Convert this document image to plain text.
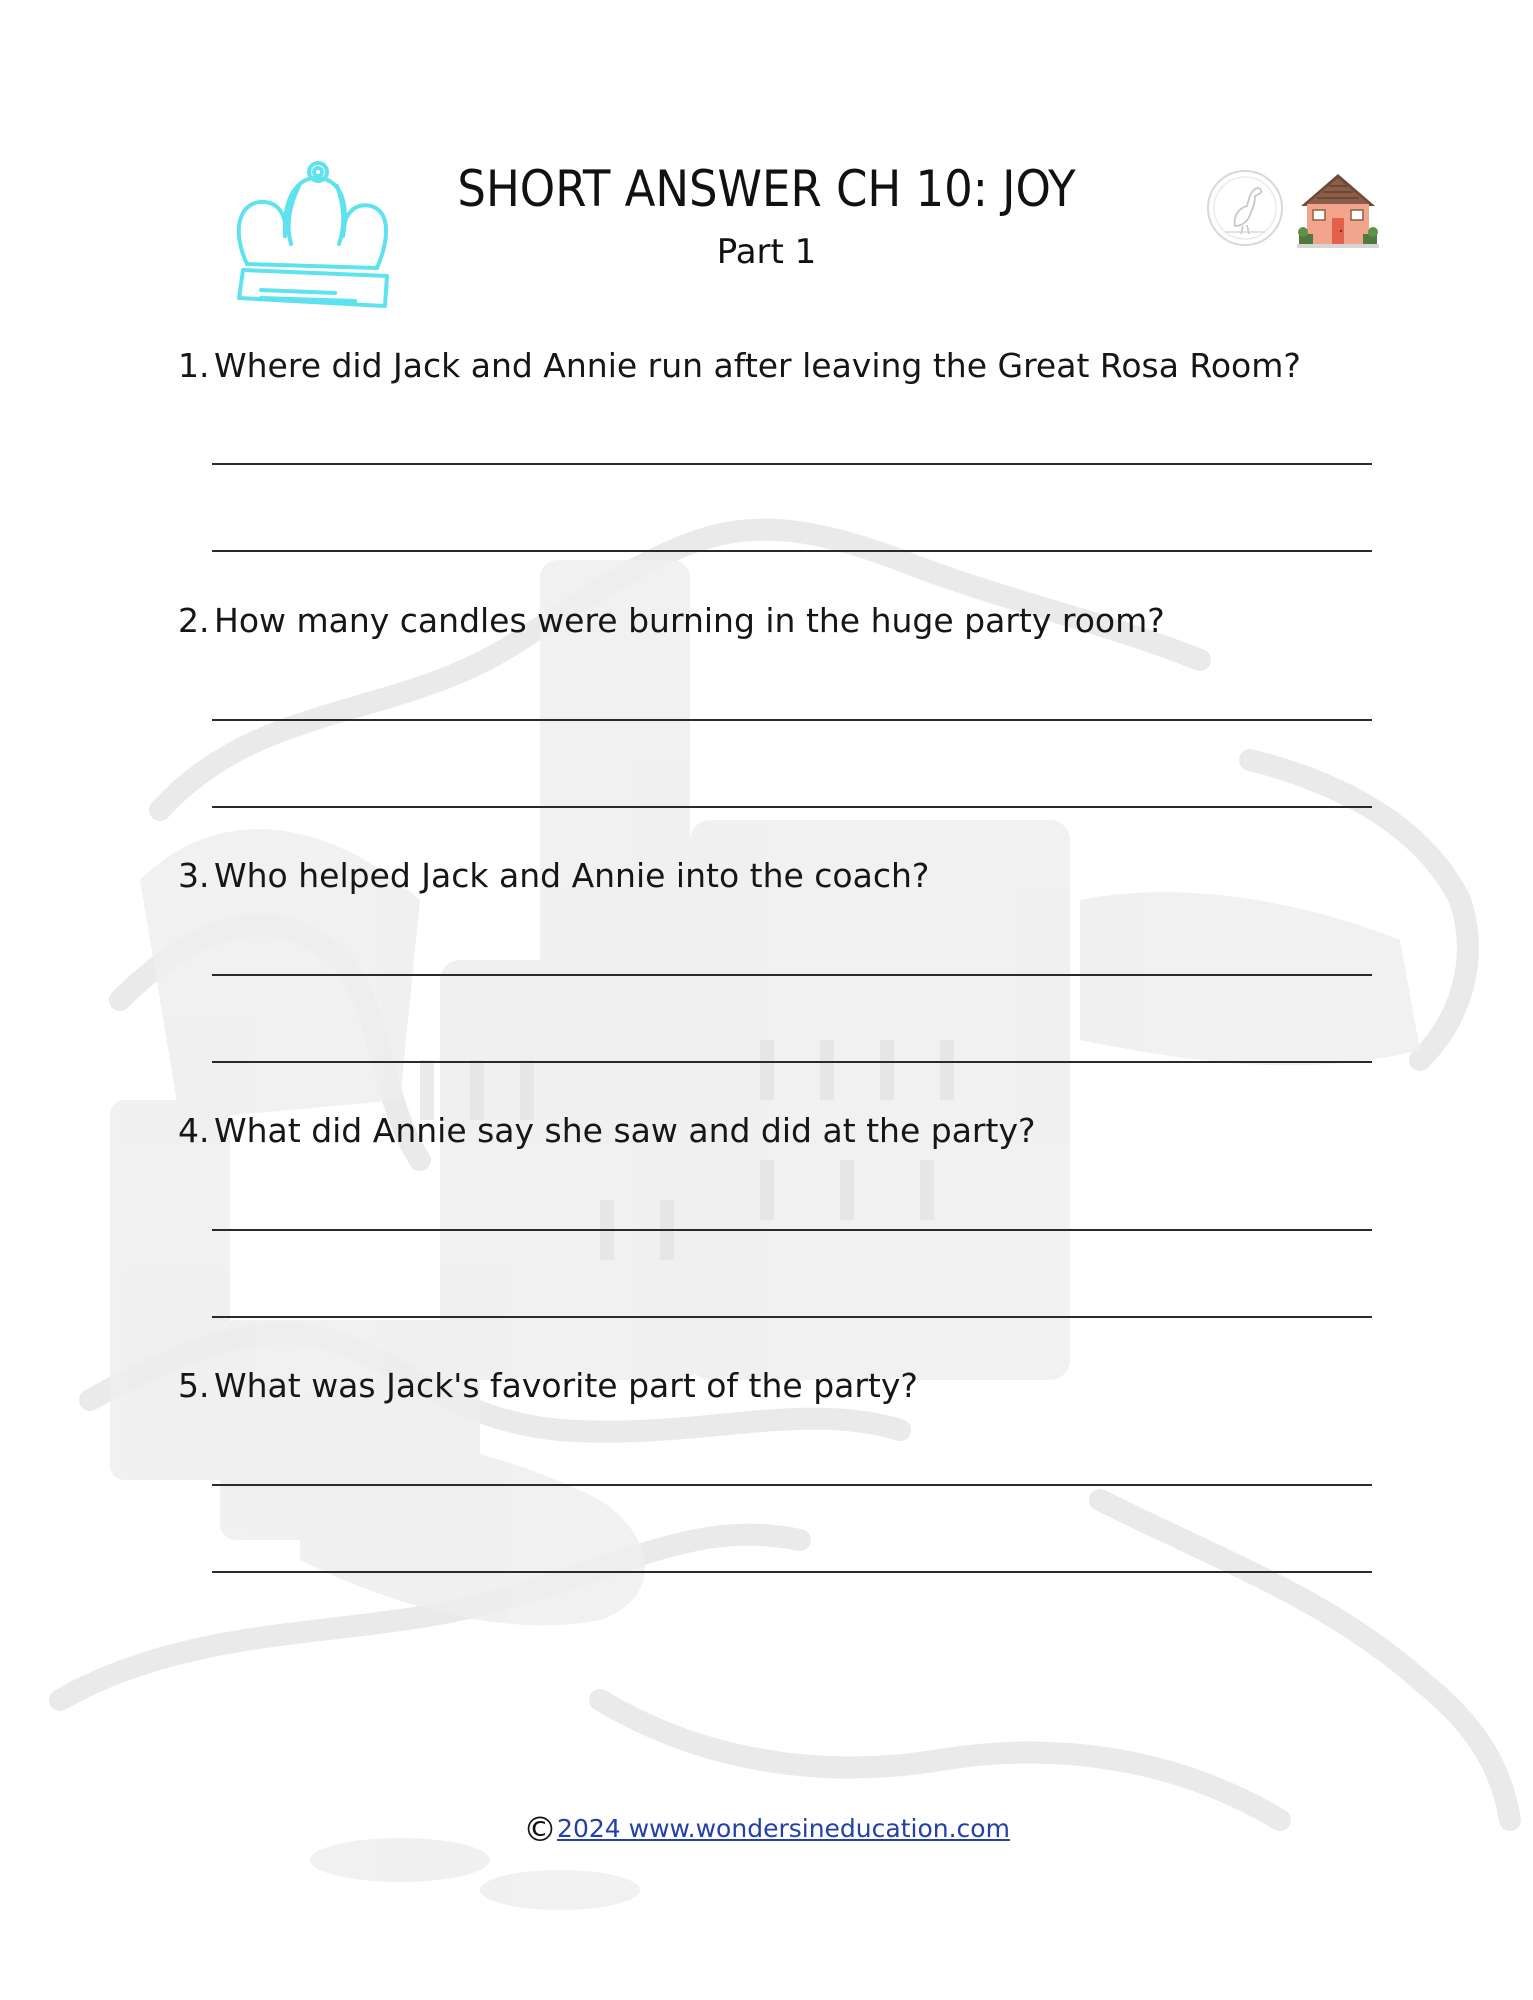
SHORT ANSWER CH 10: JOY
Part 1
1. Where did Jack and Annie run after leaving the Great Rosa Room?
2. How many candles were burning in the huge party room?
3. Who helped Jack and Annie into the coach?
4. What did Annie say she saw and did at the party?
5. What was Jack's favorite part of the party?
©2024 www.wondersineducation.com
